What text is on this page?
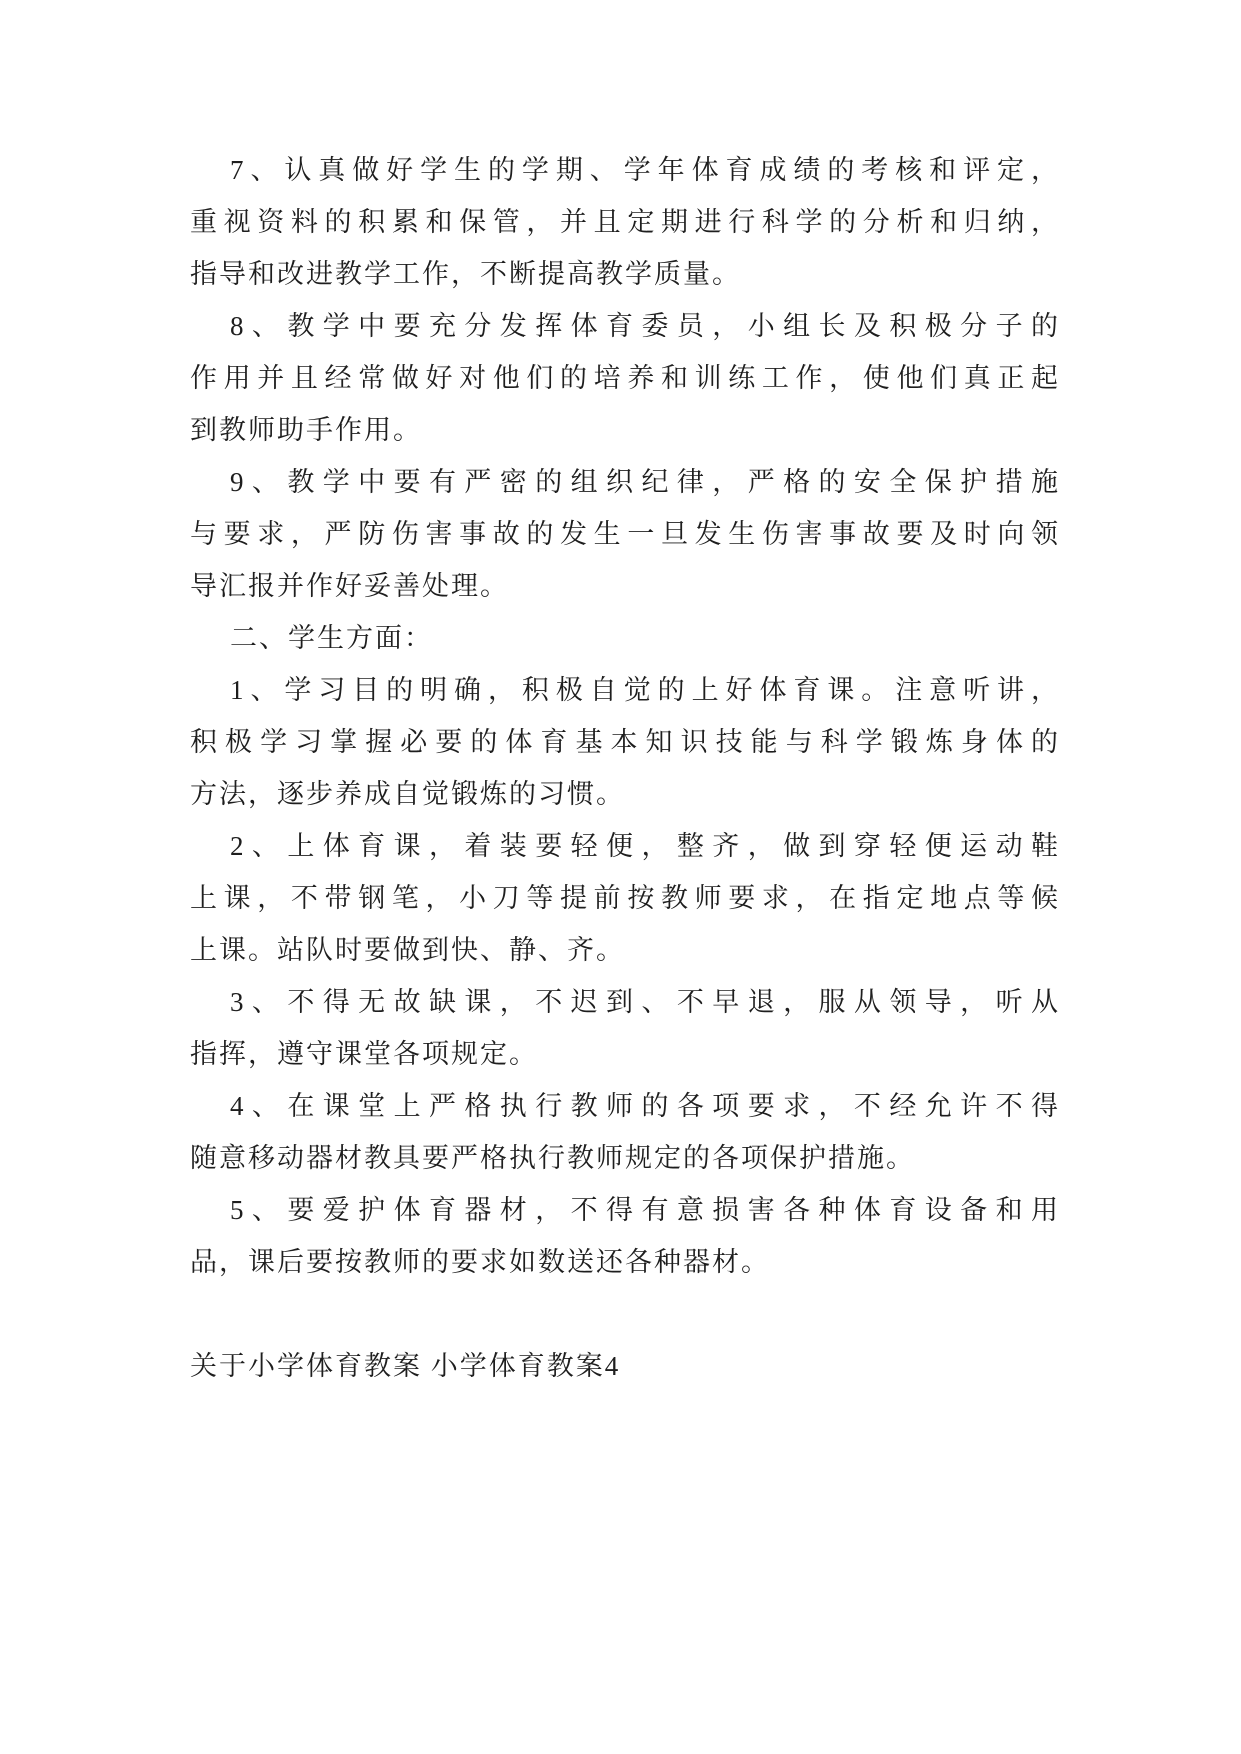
7、认真做好学生的学期、学年体育成绩的考核和评定，
重视资料的积累和保管，并且定期进行科学的分析和归纳，
指导和改进教学工作，不断提高教学质量。
8、教学中要充分发挥体育委员，小组长及积极分子的
作用并且经常做好对他们的培养和训练工作，使他们真正起
到教师助手作用。
9、教学中要有严密的组织纪律，严格的安全保护措施
与要求，严防伤害事故的发生一旦发生伤害事故要及时向领
导汇报并作好妥善处理。
二、学生方面：
1、学习目的明确，积极自觉的上好体育课。注意听讲，
积极学习掌握必要的体育基本知识技能与科学锻炼身体的
方法，逐步养成自觉锻炼的习惯。
2、上体育课，着装要轻便，整齐，做到穿轻便运动鞋
上课，不带钢笔，小刀等提前按教师要求，在指定地点等候
上课。站队时要做到快、静、齐。
3、不得无故缺课，不迟到、不早退，服从领导，听从
指挥，遵守课堂各项规定。
4、在课堂上严格执行教师的各项要求，不经允许不得
随意移动器材教具要严格执行教师规定的各项保护措施。
5、要爱护体育器材，不得有意损害各种体育设备和用
品，课后要按教师的要求如数送还各种器材。
关于小学体育教案 小学体育教案4
